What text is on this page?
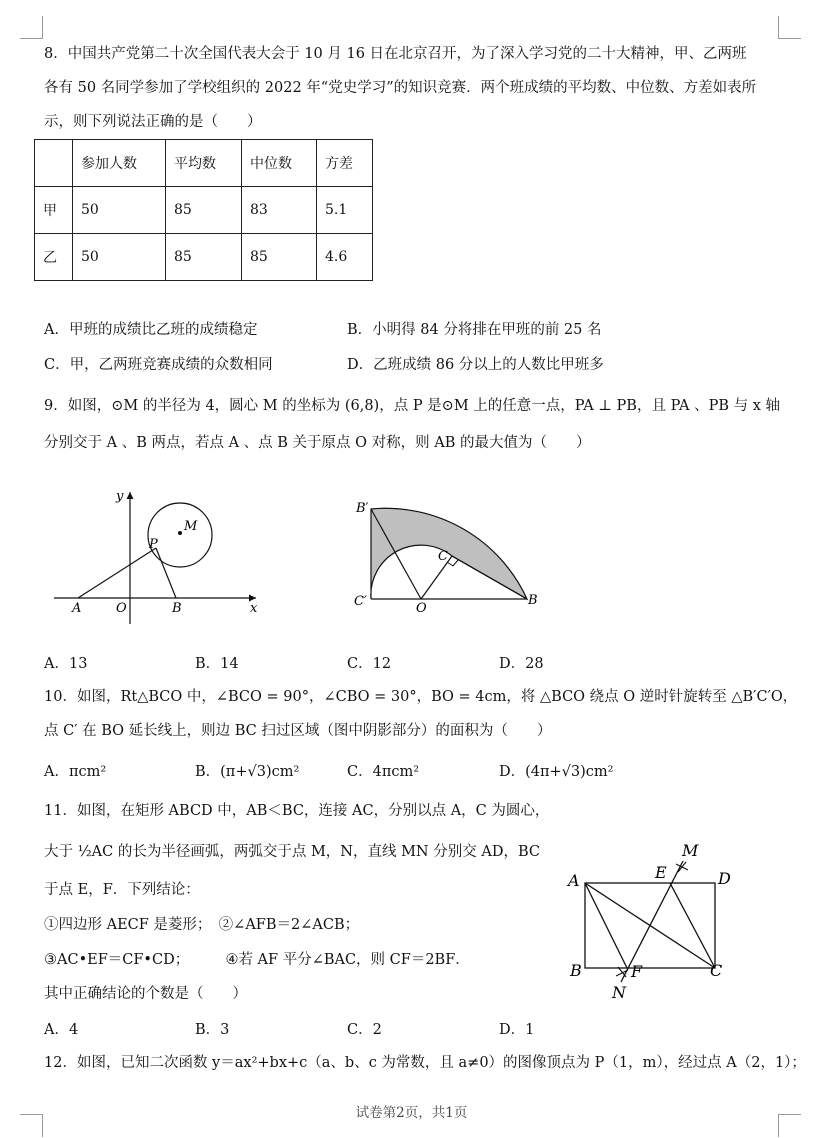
8．中国共产党第二十次全国代表大会于 10 月 16 日在北京召开，为了深入学习党的二十大精神，甲、乙两班
各有 50 名同学参加了学校组织的 2022 年“党史学习”的知识竞赛．两个班成绩的平均数、中位数、方差如表所
示，则下列说法正确的是（　　）
	参加人数	平均数	中位数	方差
甲	50	85	83	5.1
乙	50	85	85	4.6
A．甲班的成绩比乙班的成绩稳定	B．小明得 84 分将排在甲班的前 25 名
C．甲，乙两班竞赛成绩的众数相同	D．乙班成绩 86 分以上的人数比甲班多
9．如图，⊙M 的半径为 4，圆心 M 的坐标为 (6,8)，点 P 是⊙M 上的任意一点，PA ⊥ PB，且 PA 、PB 与 x 轴
分别交于 A 、B 两点，若点 A 、点 B 关于原点 O 对称，则 AB 的最大值为（　　）
y
x
M
P
A	O	B
B′
C
C′	O
B
A．13	B．14	C．12	D．28
10．如图，Rt△BCO 中，∠BCO = 90°，∠CBO = 30°，BO = 4cm，将 △BCO 绕点 O 逆时针旋转至 △B′C′O，
点 C′ 在 BO 延长线上，则边 BC 扫过区域（图中阴影部分）的面积为（　　）
A．πcm²	B．(π+√3)cm²	C．4πcm²	D．(4π+√3)cm²
11．如图，在矩形 ABCD 中，AB＜BC，连接 AC，分别以点 A，C 为圆心，
大于 ½AC 的长为半径画弧，两弧交于点 M，N，直线 MN 分别交 AD，BC
于点 E，F．下列结论：
①四边形 AECF 是菱形；　②∠AFB＝2∠ACB；
③AC•EF＝CF•CD；　　　④若 AF 平分∠BAC，则 CF＝2BF．
其中正确结论的个数是（　　）
M
A	E	D
B	F	C
N
A．4	B．3	C．2	D．1
12．如图，已知二次函数 y＝ax²+bx+c（a、b、c 为常数，且 a≠0）的图像顶点为 P（1，m），经过点 A（2，1）；
试卷第2页，共1页
